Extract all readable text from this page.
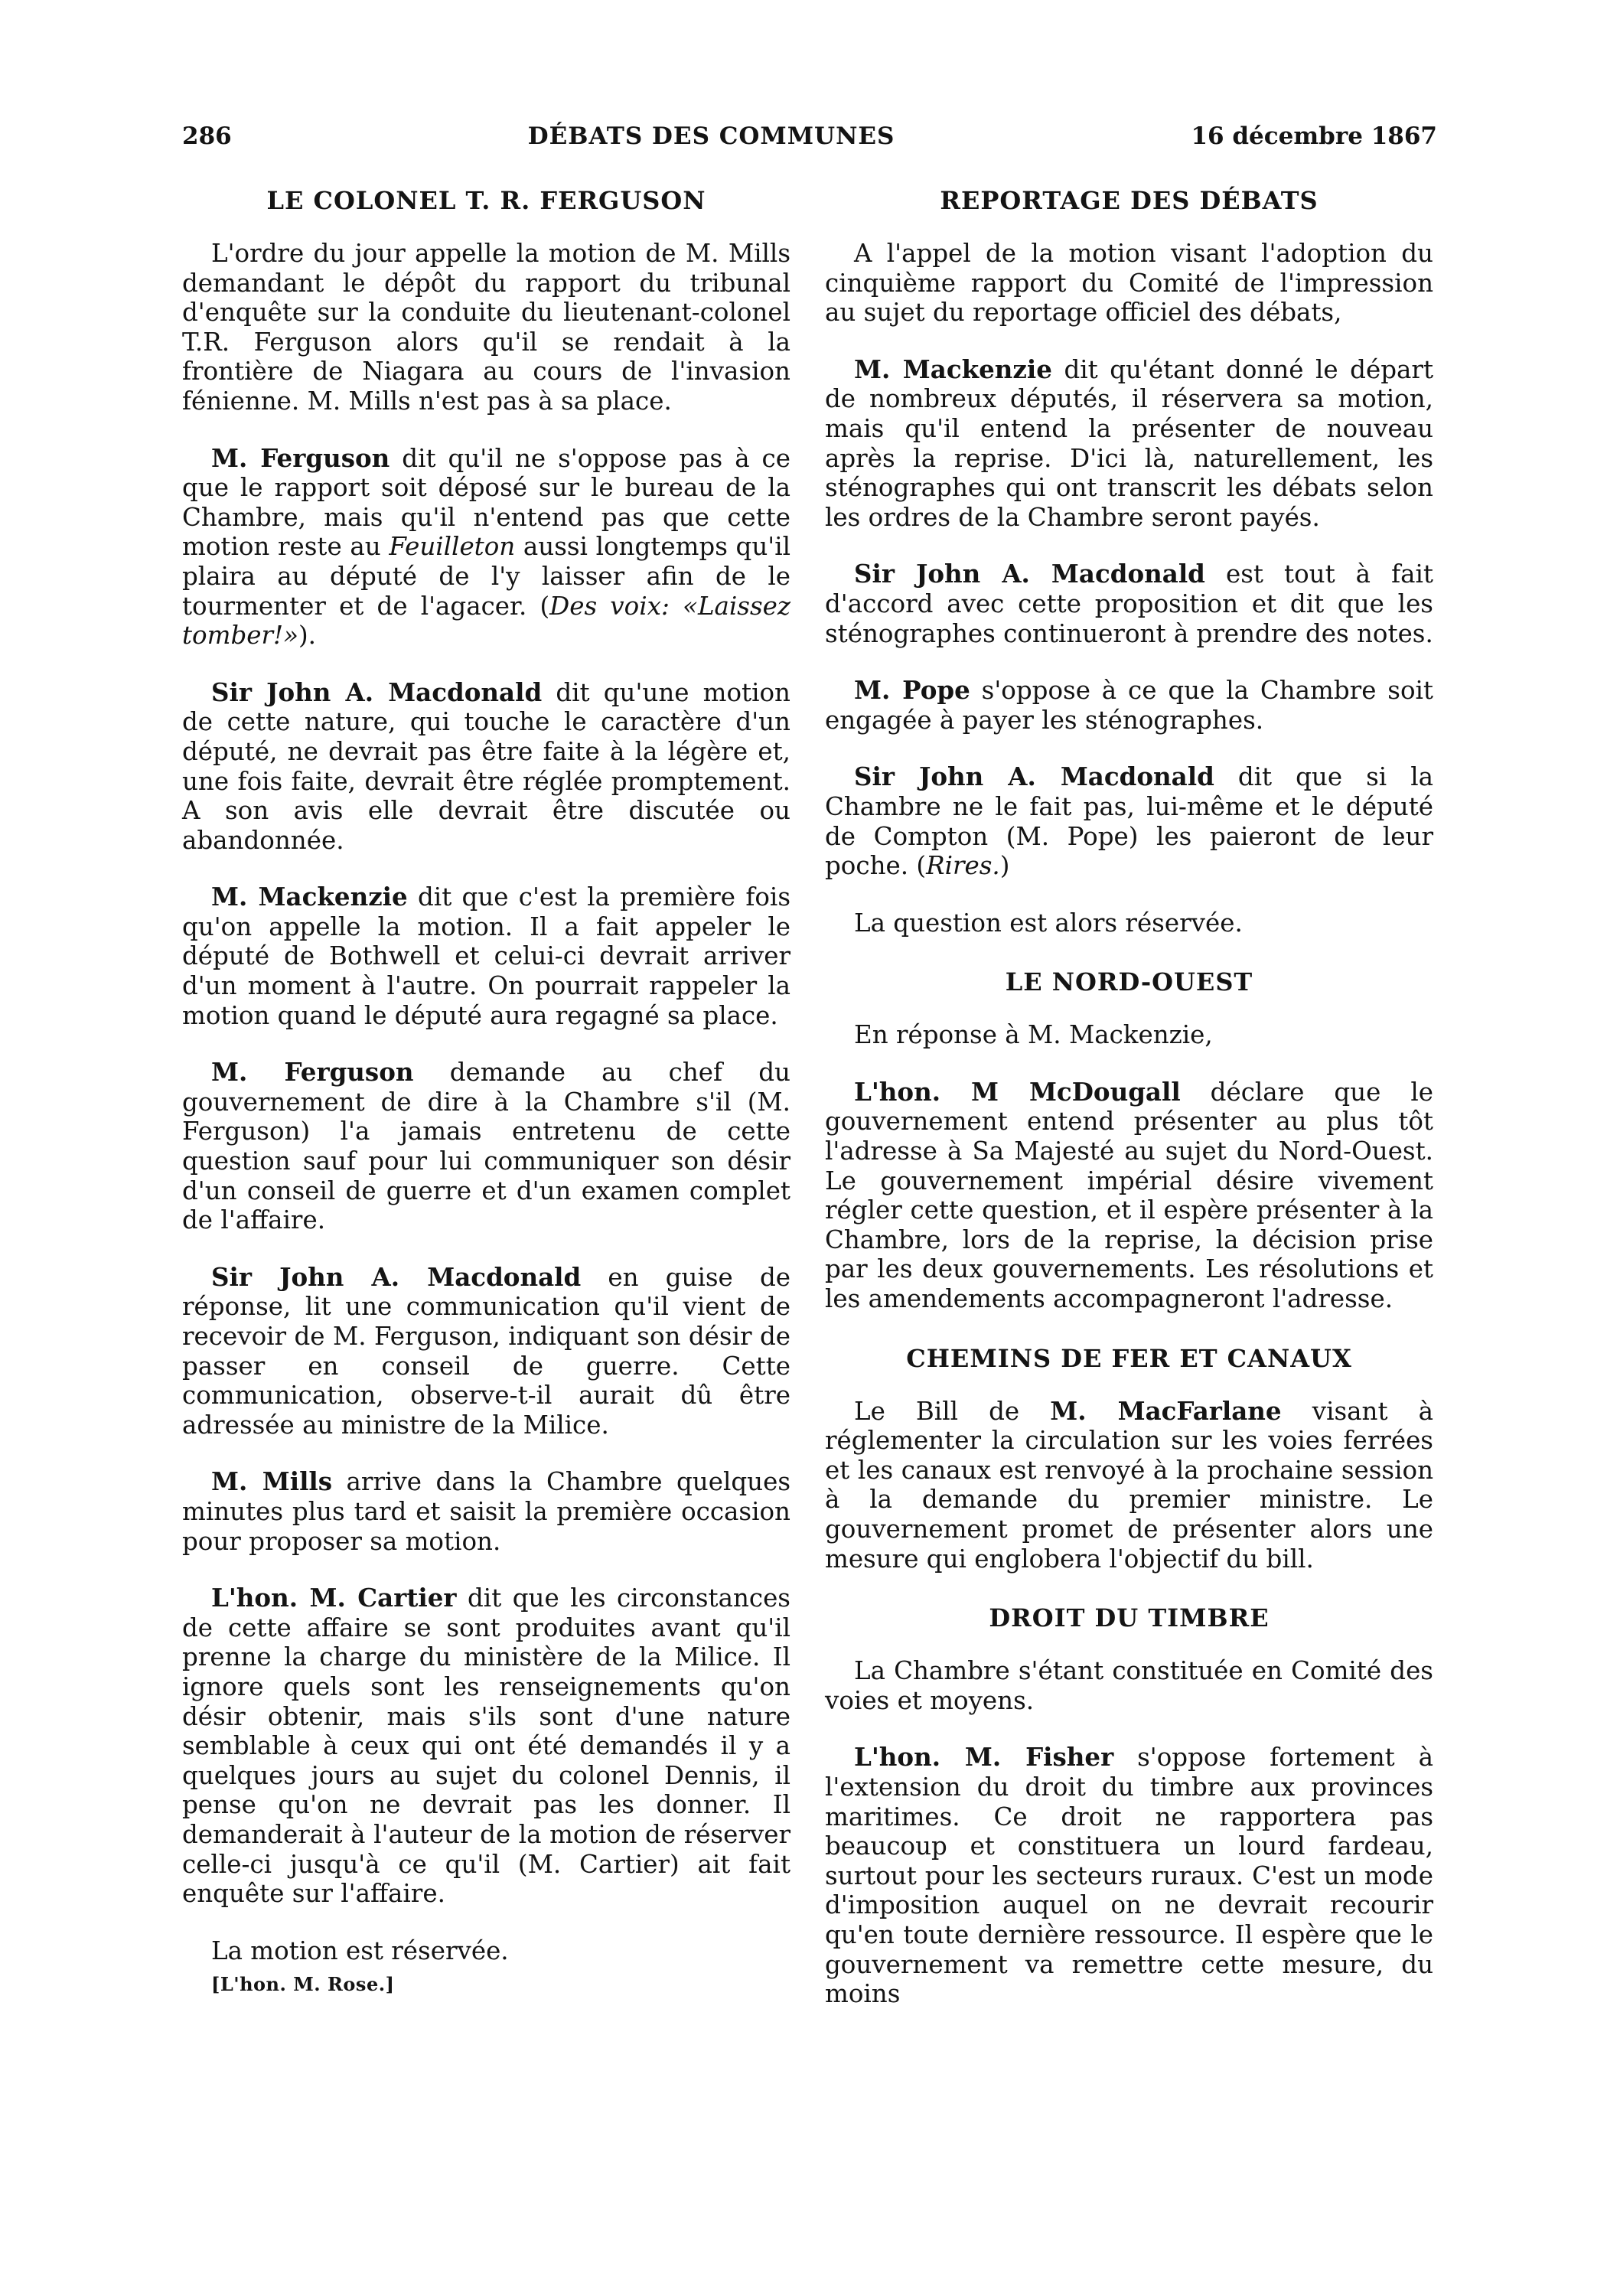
286	DÉBATS DES COMMUNES	16 décembre 1867
LE COLONEL T. R. FERGUSON

L'ordre du jour appelle la motion de M. Mills demandant le dépôt du rapport du tribunal d'enquête sur la conduite du lieutenant-colonel T.R. Ferguson alors qu'il se rendait à la frontière de Niagara au cours de l'invasion fénienne. M. Mills n'est pas à sa place.

M. Ferguson dit qu'il ne s'oppose pas à ce que le rapport soit déposé sur le bureau de la Chambre, mais qu'il n'entend pas que cette motion reste au Feuilleton aussi longtemps qu'il plaira au député de l'y laisser afin de le tourmenter et de l'agacer. (Des voix: «Laissez tomber!»).

Sir John A. Macdonald dit qu'une motion de cette nature, qui touche le caractère d'un député, ne devrait pas être faite à la légère et, une fois faite, devrait être réglée promptement. A son avis elle devrait être discutée ou abandonnée.

M. Mackenzie dit que c'est la première fois qu'on appelle la motion. Il a fait appeler le député de Bothwell et celui-ci devrait arriver d'un moment à l'autre. On pourrait rappeler la motion quand le député aura regagné sa place.

M. Ferguson demande au chef du gouvernement de dire à la Chambre s'il (M. Ferguson) l'a jamais entretenu de cette question sauf pour lui communiquer son désir d'un conseil de guerre et d'un examen complet de l'affaire.

Sir John A. Macdonald en guise de réponse, lit une communication qu'il vient de recevoir de M. Ferguson, indiquant son désir de passer en conseil de guerre. Cette communication, observe-t-il aurait dû être adressée au ministre de la Milice.

M. Mills arrive dans la Chambre quelques minutes plus tard et saisit la première occasion pour proposer sa motion.

L'hon. M. Cartier dit que les circonstances de cette affaire se sont produites avant qu'il prenne la charge du ministère de la Milice. Il ignore quels sont les renseignements qu'on désir obtenir, mais s'ils sont d'une nature semblable à ceux qui ont été demandés il y a quelques jours au sujet du colonel Dennis, il pense qu'on ne devrait pas les donner. Il demanderait à l'auteur de la motion de réserver celle-ci jusqu'à ce qu'il (M. Cartier) ait fait enquête sur l'affaire.

La motion est réservée.

[L'hon. M. Rose.]
REPORTAGE DES DÉBATS

A l'appel de la motion visant l'adoption du cinquième rapport du Comité de l'impression au sujet du reportage officiel des débats,

M. Mackenzie dit qu'étant donné le départ de nombreux députés, il réservera sa motion, mais qu'il entend la présenter de nouveau après la reprise. D'ici là, naturellement, les sténographes qui ont transcrit les débats selon les ordres de la Chambre seront payés.

Sir John A. Macdonald est tout à fait d'accord avec cette proposition et dit que les sténographes continueront à prendre des notes.

M. Pope s'oppose à ce que la Chambre soit engagée à payer les sténographes.

Sir John A. Macdonald dit que si la Chambre ne le fait pas, lui-même et le député de Compton (M. Pope) les paieront de leur poche. (Rires.)

La question est alors réservée.

LE NORD-OUEST

En réponse à M. Mackenzie,

L'hon. M McDougall déclare que le gouvernement entend présenter au plus tôt l'adresse à Sa Majesté au sujet du Nord-Ouest. Le gouvernement impérial désire vivement régler cette question, et il espère présenter à la Chambre, lors de la reprise, la décision prise par les deux gouvernements. Les résolutions et les amendements accompagneront l'adresse.

CHEMINS DE FER ET CANAUX

Le Bill de M. MacFarlane visant à réglementer la circulation sur les voies ferrées et les canaux est renvoyé à la prochaine session à la demande du premier ministre. Le gouvernement promet de présenter alors une mesure qui englobera l'objectif du bill.

DROIT DU TIMBRE

La Chambre s'étant constituée en Comité des voies et moyens.

L'hon. M. Fisher s'oppose fortement à l'extension du droit du timbre aux provinces maritimes. Ce droit ne rapportera pas beaucoup et constituera un lourd fardeau, surtout pour les secteurs ruraux. C'est un mode d'imposition auquel on ne devrait recourir qu'en toute dernière ressource. Il espère que le gouvernement va remettre cette mesure, du moins
